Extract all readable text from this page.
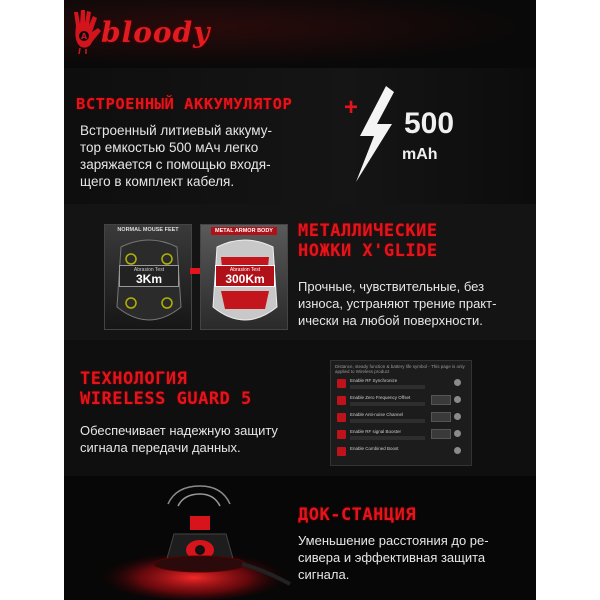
A bloody
ВСТРОЕННЫЙ АККУМУЛЯТОР
Встроенный литиевый аккуму-
тор емкостью 500 мАч легко
заряжается с помощью входя-
щего в комплект кабеля.
+ 500
mAh
NORMAL MOUSE FEET
Abrasion Test
3Km
METAL ARMOR BODY
Abrasion Test
300Km
МЕТАЛЛИЧЕСКИЕ
НОЖКИ X'GLIDE
Прочные, чувствительные, без
износа, устраняют трение практ-
ически на любой поверхности.
ТЕХНОЛОГИЯ
WIRELESS GUARD 5
Обеспечивает надежную защиту
сигнала передачи данных.
Distance, steady function & battery life symbol - This page is only applied to Wireless product
Enable RF Synchronize
Enable Zero Frequency Offset
Enable Anti-noise Channel
Enable RF signal Booster
Enable Combined Boost
ДОК-СТАНЦИЯ
Уменьшение расстояния до ре-
сивера и эффективная защита
сигнала.
